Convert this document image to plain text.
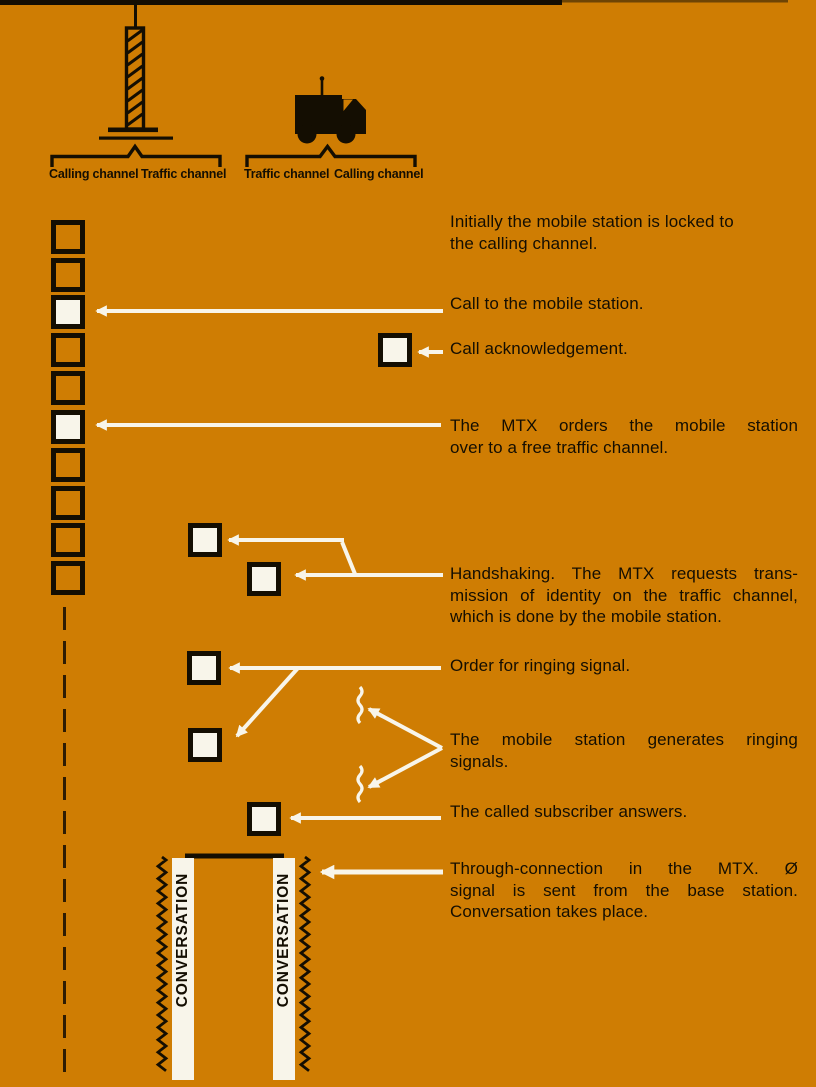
Calling channel Traffic channel Traffic channel Calling channel
Initially the mobile station is locked to
the calling channel.
Call to the mobile station.
Call acknowledgement.
The MTX orders the mobile station
over to a free traffic channel.
Handshaking. The MTX requests trans-
mission of identity on the traffic channel,
which is done by the mobile station.
Order for ringing signal.
The mobile station generates ringing
signals.
The called subscriber answers.
Through-connection in the MTX. Ø
signal is sent from the base station.
Conversation takes place.
CONVERSATION	CONVERSATION
